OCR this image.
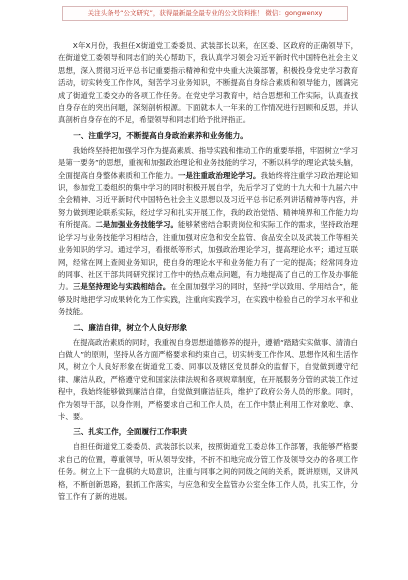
关注头条号“公文研究”，获得最新最全最专业的公文资料推！ 微信：gongwenxy

X年X月份，我担任X街道党工委委员、武装部长以来，在区委、区政府的正确领导下，在街道党工委领导和同志们的关心帮助下，我认真学习领会习近平新时代中国特色社会主义思想，深入贯彻习近平总书记重要指示精神和党中央重大决策部署，积极投身党史学习教育活动，切实转变工作作风，刻苦学习业务知识，不断提高自身综合素质和领导能力，圆满完成了街道党工委交办的各项工作任务。在党史学习教育中，结合思想和工作实际，认真查找自身存在的突出问题，深刻剖析根源。下面就本人一年来的工作情况进行回顾和反思，并认真剖析自身存在的不足，希望领导和同志们给予批评指正。

一、注重学习，不断提高自身政治素养和业务能力。

我始终坚持把加强学习作为提高素质、指导实践和推动工作的重要举措，牢固树立“学习是第一要务”的思想，重视和加强政治理论和业务技能的学习，不断以科学的理论武装头脑，全面提高自身整体素质和工作能力。一是注重政治理论学习。我始终将注重学习政治理论知识，参加党工委组织的集中学习的同时积极开展自学，先后学习了党的十九大和十九届六中全会精神、习近平新时代中国特色社会主义思想以及习近平总书记系列讲话精神等内容，并努力做到理论联系实际，经过学习和扎实开展工作，我的政治觉悟、精神境界和工作能力均有所提高。二是加强业务技能学习。能够紧密结合职责岗位和实际工作的需求，坚持政治理论学习与业务技能学习相结合，注重加强对应急和安全监管、食品安全以及武装工作等相关业务知识的学习。通过学习，看报纸等形式，加强政治理论学习，提高理论水平；通过互联网，经常在网上查阅业务知识，使自身的理论水平和业务能力有了一定的提高；经常同身边的同事、社区干部共同研究探讨工作中的热点难点问题，有力地提高了自己的工作及办事能力。三是坚持理论与实践相结合。在全面加强学习的同时，坚持“学以致用、学用结合”，能够及时地把学习成果转化为工作实践，注重向实践学习，在实践中检验自己的学习水平和业务技能。

二、廉洁自律，树立个人良好形象

在提高政治素质的同时，我重视自身思想道德修养的提升，遵循“踏踏实实做事、清清白白做人”的原则，坚持从各方面严格要求和约束自己，切实转变工作作风、思想作风和生活作风，树立个人良好形象在街道党工委、同事以及辖区党员群众的监督下，自觉做到遵守纪律、廉洁从政，严格遵守党和国家法律法规和各项规章制度，在开展服务分管的武装工作过程中，我始终能够做到廉洁自律，自觉做到廉洁征兵，维护了政府公务人员的形象。同时，作为领导干部，以身作则，严格要求自己和工作人员，在工作中禁止利用工作对象吃、拿、卡、要。

三、扎实工作，全面履行工作职责

自担任街道党工委委员、武装部长以来，按照街道党工委总体工作部署，我能够严格要求自己的位置，尊重领导，听从领导安排，不折不扣地完成分管工作及领导交办的各项工作任务。树立上下一盘棋的大局意识，注重与同事之间的同级之间的关系，既讲原则，又讲风格，不断创新思路，狠抓工作落实，与应急和安全监管办公室全体工作人员，扎实工作，分管工作有了新的进展。
